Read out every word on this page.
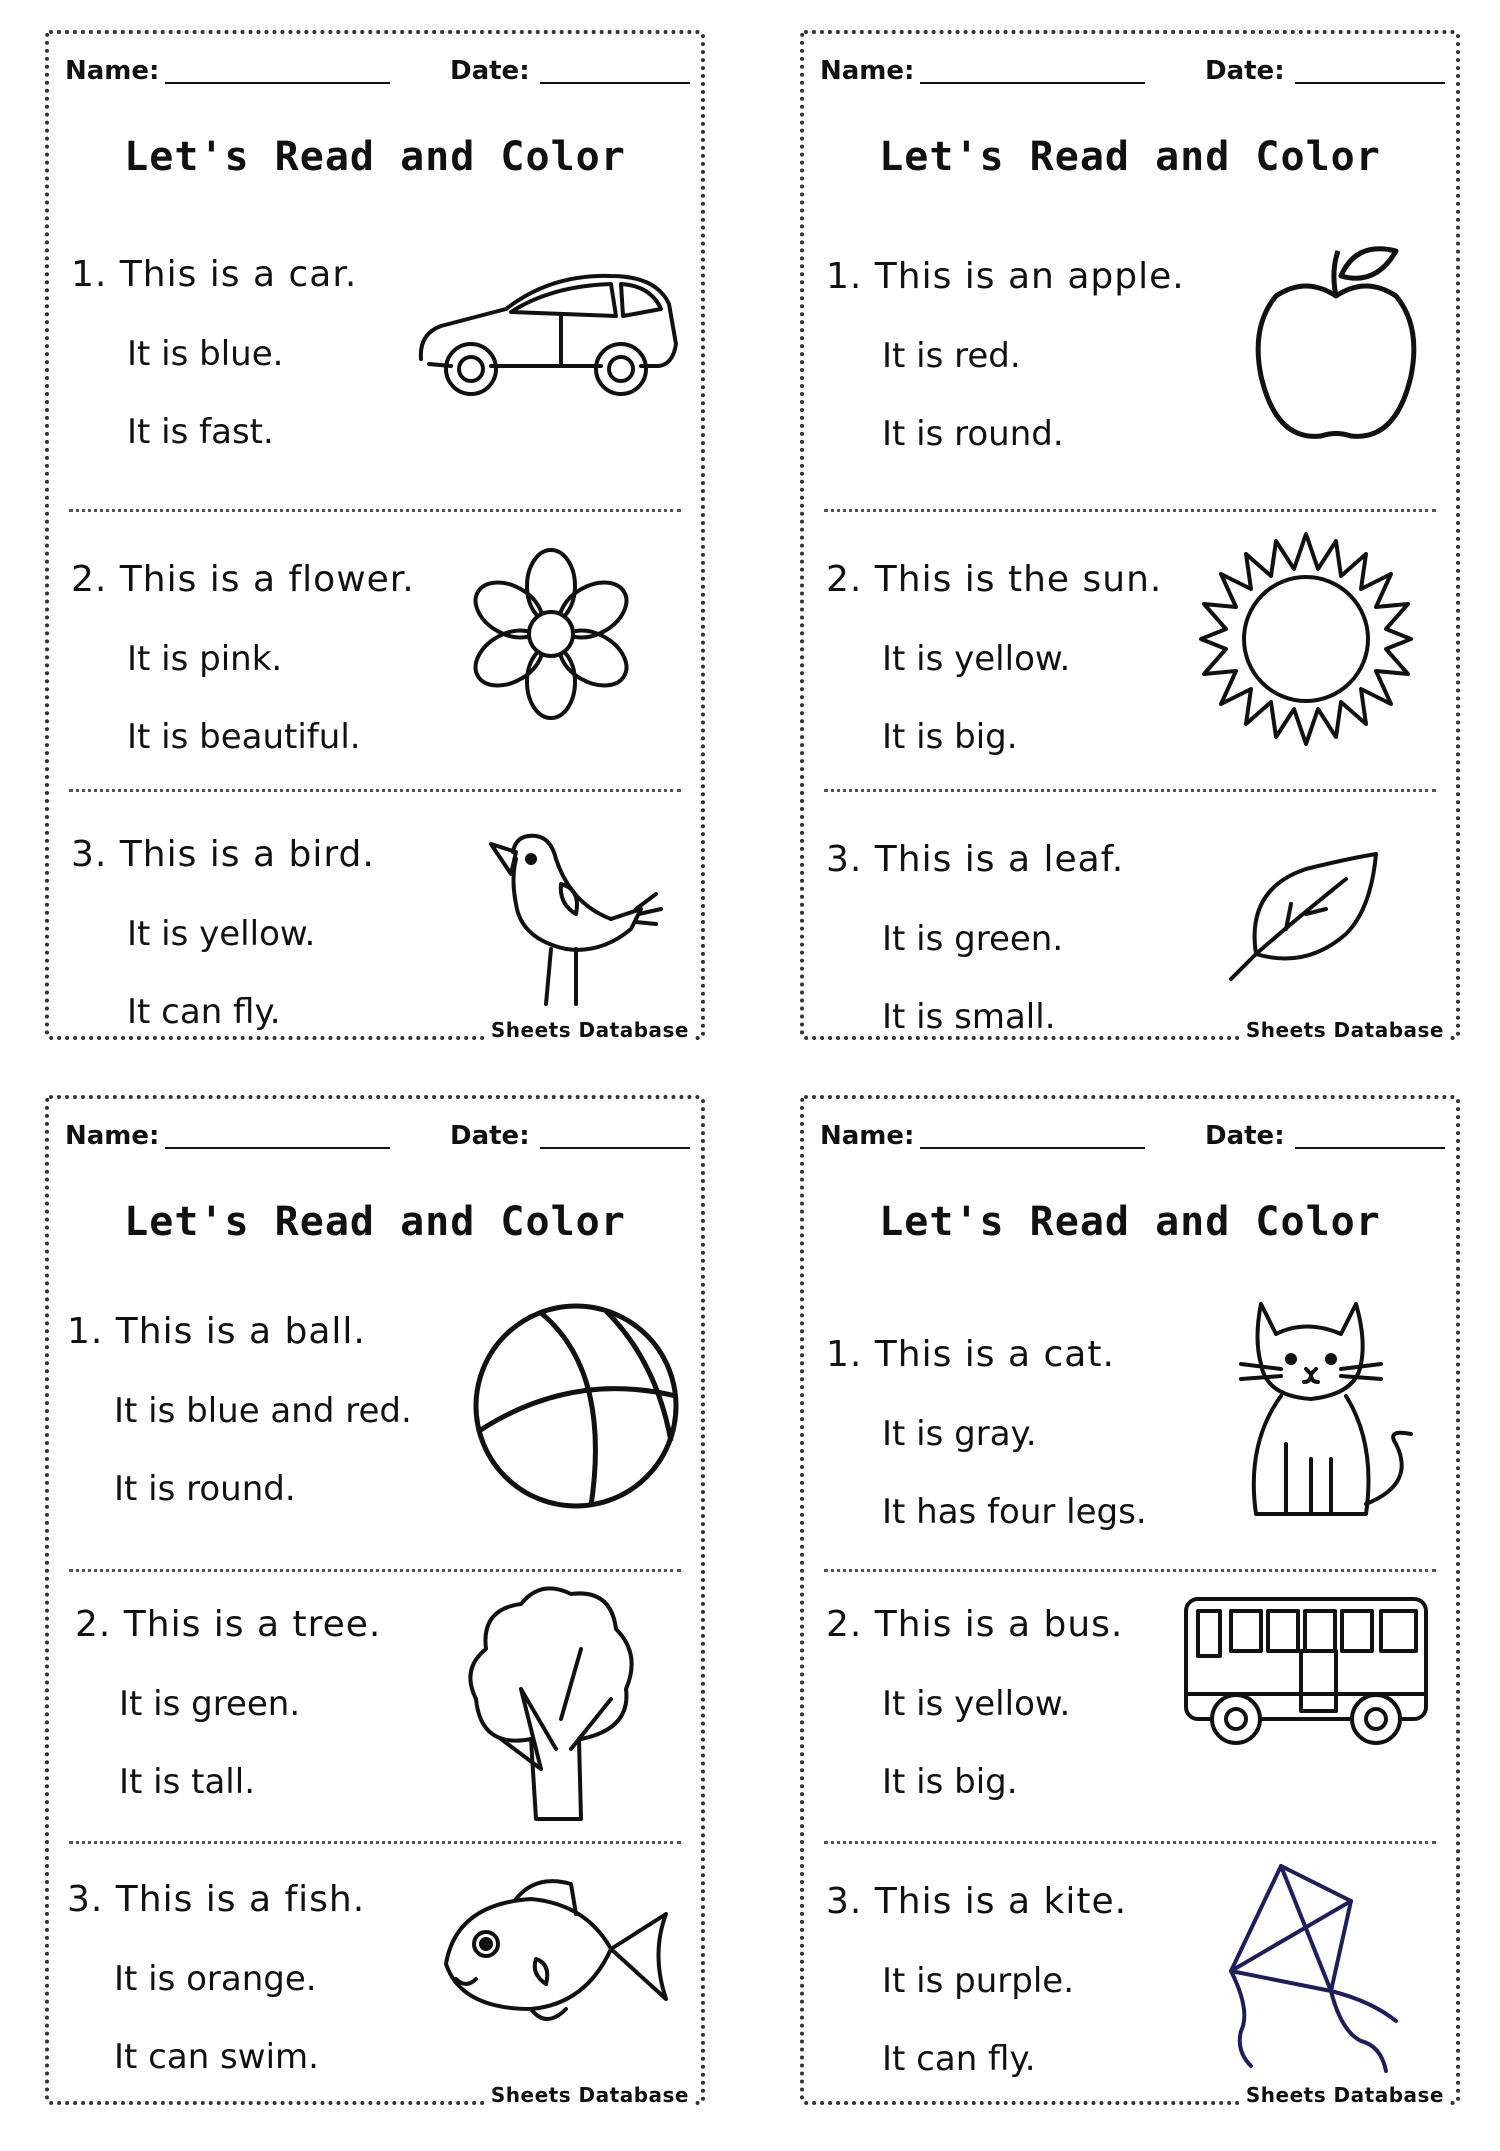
Name:	Date:
Let's Read and Color
1. This is a car.
It is blue.
It is fast.
2. This is a flower.
It is pink.
It is beautiful.
3. This is a bird.
It is yellow.
It can fly.	Sheets Database
Name:	Date:
Let's Read and Color
1. This is an apple.
It is red.
It is round.
2. This is the sun.
It is yellow.
It is big.
3. This is a leaf.
It is green.
It is small.	Sheets Database
Name:	Date:
Let's Read and Color
1. This is a ball.
It is blue and red.
It is round.
2. This is a tree.
It is green.
It is tall.
3. This is a fish.
It is orange.
It can swim.
Sheets Database
Name:	Date:
Let's Read and Color
1. This is a cat.
It is gray.
It has four legs.
2. This is a bus.
It is yellow.
It is big.
3. This is a kite.
It is purple.
It can fly.
Sheets Database
